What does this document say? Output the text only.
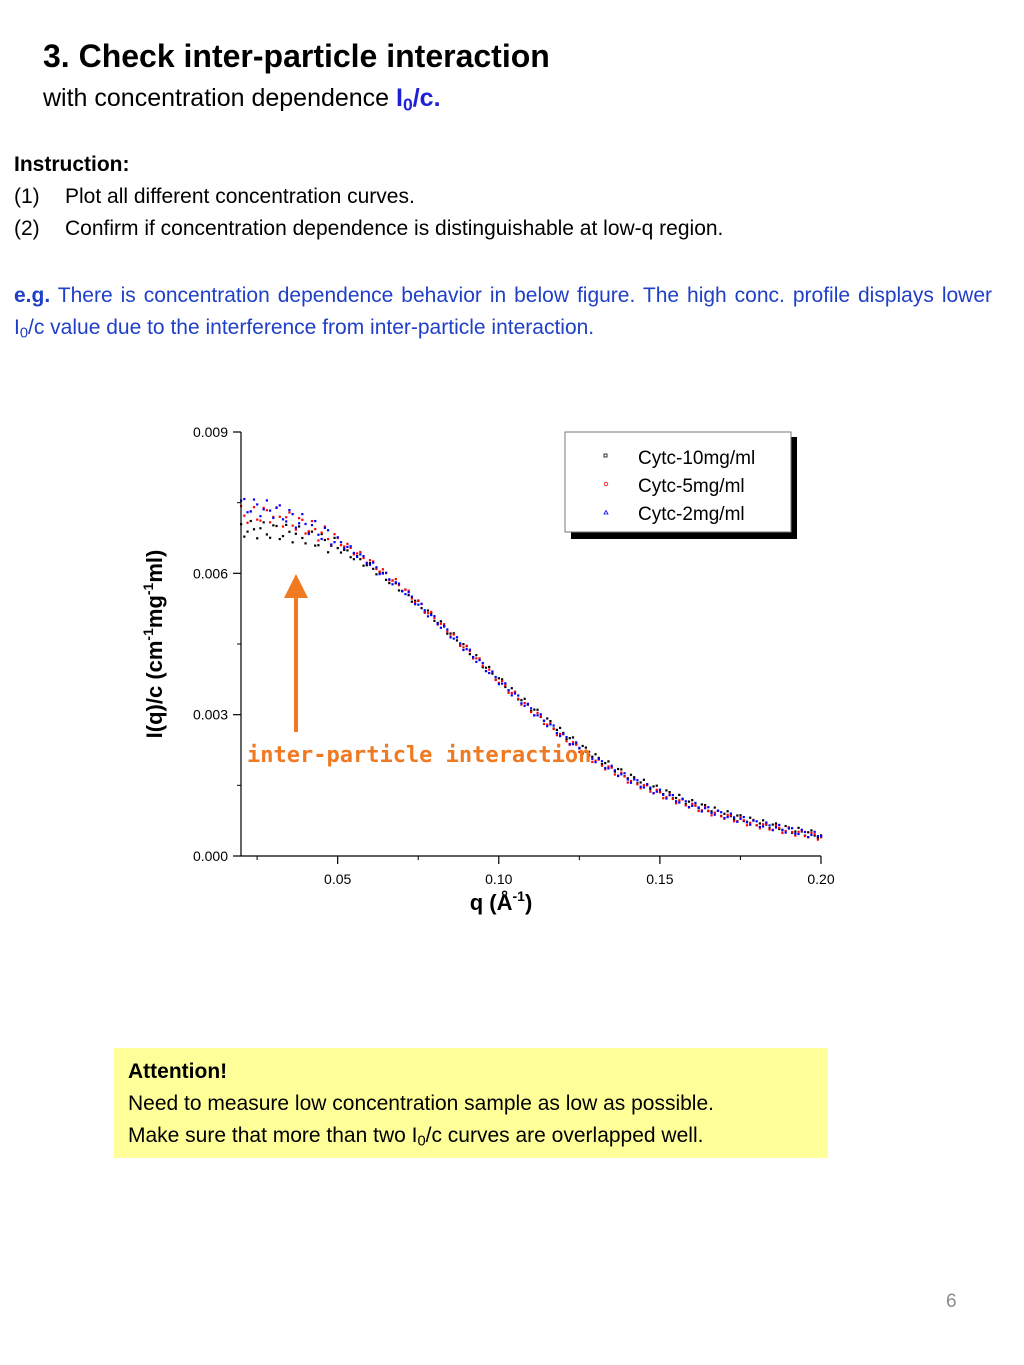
3. Check inter-particle interaction
with concentration dependence $I_0/c$.
Instruction:
(1) Plot all different concentration curves.
(2) Confirm if concentration dependence is distinguishable at low-q region.
e.g. There is concentration dependence behavior in below figure. The high conc. profile displays lower $I_0/c$ value due to the interference from inter-particle interaction.
0.000
0.003
0.006
0.009
0.05	0.10	0.15	0.20
q $(Å^{-1})$
I(q)/c $(cm^{-1}mg^{-1}ml)$
Cytc-10mg/ml
Cytc-5mg/ml
Cytc-2mg/ml
inter-particle interaction
Attention!
Need to measure low concentration sample as low as possible.
Make sure that more than two $I_0/c$ curves are overlapped well.
6
